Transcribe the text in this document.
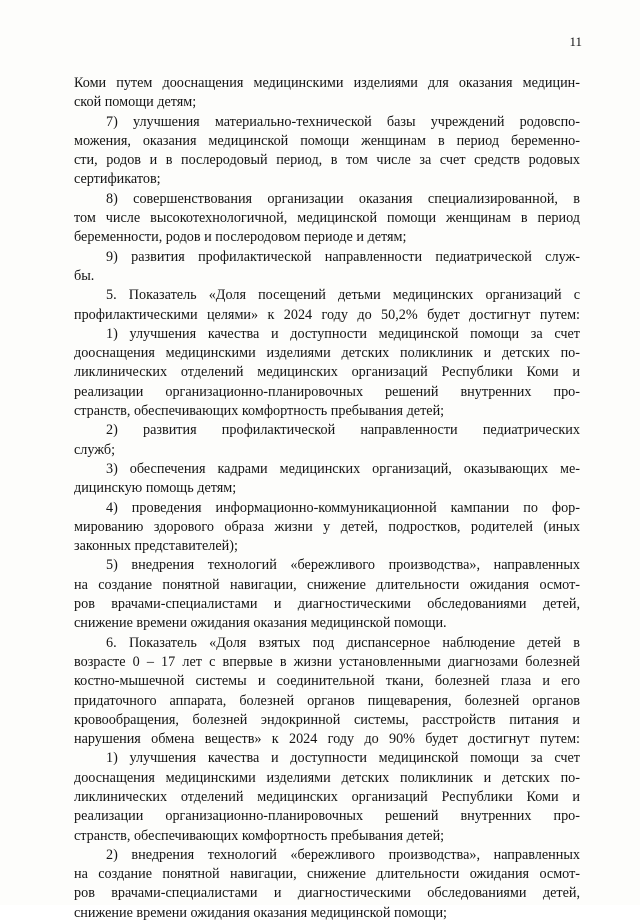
11
Коми путем дооснащения медицинскими изделиями для оказания медицин-
ской помощи детям;
7) улучшения материально-технической базы учреждений родовспо-
можения, оказания медицинской помощи женщинам в период беременно-
сти, родов и в послеродовый период, в том числе за счет средств родовых
сертификатов;
8) совершенствования организации оказания специализированной, в
том числе высокотехнологичной, медицинской помощи женщинам в период
беременности, родов и послеродовом периоде и детям;
9) развития профилактической направленности педиатрической служ-
бы.
5. Показатель «Доля посещений детьми медицинских организаций с
профилактическими целями» к 2024 году до 50,2% будет достигнут путем:
1) улучшения качества и доступности медицинской помощи за счет
дооснащения медицинскими изделиями детских поликлиник и детских по-
ликлинических отделений медицинских организаций Республики Коми и
реализации организационно-планировочных решений внутренних про-
странств, обеспечивающих комфортность пребывания детей;
2) развития профилактической направленности педиатрических
служб;
3) обеспечения кадрами медицинских организаций, оказывающих ме-
дицинскую помощь детям;
4) проведения информационно-коммуникационной кампании по фор-
мированию здорового образа жизни у детей, подростков, родителей (иных
законных представителей);
5) внедрения технологий «бережливого производства», направленных
на создание понятной навигации, снижение длительности ожидания осмот-
ров врачами-специалистами и диагностическими обследованиями детей,
снижение времени ожидания оказания медицинской помощи.
6. Показатель «Доля взятых под диспансерное наблюдение детей в
возрасте 0 – 17 лет с впервые в жизни установленными диагнозами болезней
костно-мышечной системы и соединительной ткани, болезней глаза и его
придаточного аппарата, болезней органов пищеварения, болезней органов
кровообращения, болезней эндокринной системы, расстройств питания и
нарушения обмена веществ» к 2024 году до 90% будет достигнут путем:
1) улучшения качества и доступности медицинской помощи за счет
дооснащения медицинскими изделиями детских поликлиник и детских по-
ликлинических отделений медицинских организаций Республики Коми и
реализации организационно-планировочных решений внутренних про-
странств, обеспечивающих комфортность пребывания детей;
2) внедрения технологий «бережливого производства», направленных
на создание понятной навигации, снижение длительности ожидания осмот-
ров врачами-специалистами и диагностическими обследованиями детей,
снижение времени ожидания оказания медицинской помощи;
